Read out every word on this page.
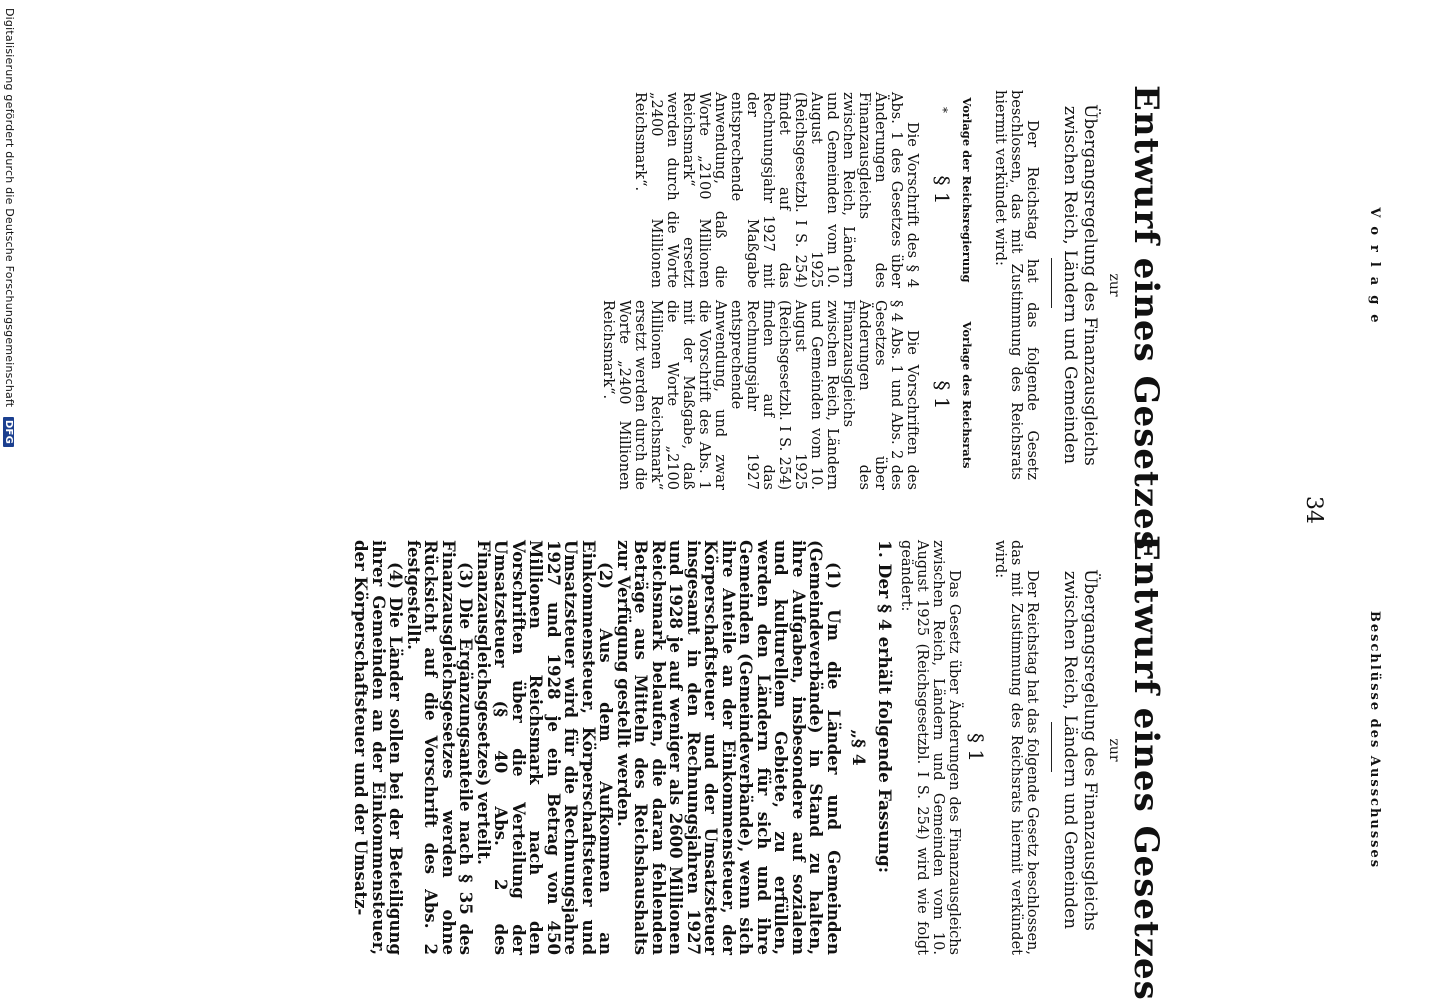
Vorlage
34
Beschlüsse des Ausschusses
Entwurf eines Gesetzes
zur
Übergangsregelung des Finanzausgleichs zwischen Reich, Ländern und Gemeinden
Der Reichstag hat das folgende Gesetz beschlossen, das mit Zustimmung des Reichsrats hiermit verkündet wird:
Vorlage der Reichsregierung
*
§ 1
Die Vorschrift des § 4 Abs. 1 des Gesetzes über Änderungen des Finanzausgleichs zwischen Reich, Ländern und Gemeinden vom 10. August 1925 (Reichsgesetzbl. I S. 254) findet auf das Rechnungsjahr 1927 mit der Maßgabe entsprechende Anwendung, daß die Worte „2100 Millionen Reichsmark“ ersetzt werden durch die Worte „2400 Millionen Reichsmark“.
Vorlage des Reichsrats
§ 1
Die Vorschriften des § 4 Abs. 1 und Abs. 2 des Gesetzes über Änderungen des Finanzausgleichs zwischen Reich, Ländern und Gemeinden vom 10. August 1925 (Reichsgesetzbl. I S. 254) finden auf das Rechnungsjahr 1927 entsprechende Anwendung, und zwar die Vorschrift des Abs. 1 mit der Maßgabe, daß die Worte „2100 Millionen Reichsmark“ ersetzt werden durch die Worte „2400 Millionen Reichsmark“.
Entwurf eines Gesetzes
zur
Übergangsregelung des Finanzausgleichs zwischen Reich, Ländern und Gemeinden
Der Reichstag hat das folgende Gesetz beschlossen, das mit Zustimmung des Reichsrats hiermit verkündet wird:
§ 1
Das Gesetz über Änderungen des Finanzausgleichs zwischen Reich, Ländern und Gemeinden vom 10. August 1925 (Reichsgesetzbl. I S. 254) wird wie folgt geändert:
1. Der § 4 erhält folgende Fassung:
„§ 4

(1) Um die Länder und Gemeinden (Gemeindeverbände) in Stand zu halten, ihre Aufgaben, insbesondere auf sozialem und kulturellem Gebiete, zu erfüllen, werden den Ländern für sich und ihre Gemeinden (Gemeindeverbände), wenn sich ihre Anteile an der Einkommensteuer, der Körperschaftsteuer und der Umsatzsteuer insgesamt in den Rechnungsjahren 1927 und 1928 je auf weniger als 2600 Millionen Reichsmark belaufen, die daran fehlenden Beträge aus Mitteln des Reichshaushalts zur Verfügung gestellt werden.

(2) Aus dem Aufkommen an Einkommensteuer, Körperschaftsteuer und Umsatzsteuer wird für die Rechnungsjahre 1927 und 1928 je ein Betrag von 450 Millionen Reichsmark nach den Vorschriften über die Verteilung der Umsatzsteuer (§ 40 Abs. 2 des Finanzausgleichsgesetzes) verteilt.

(3) Die Ergänzungsanteile nach § 35 des Finanzausgleichsgesetzes werden ohne Rücksicht auf die Vorschrift des Abs. 2 festgestellt.

(4) Die Länder sollen bei der Beteiligung ihrer Gemeinden an der Einkommensteuer, der Körperschaftsteuer und der Umsatz-

Digitalisierung gefördert durch die Deutsche Forschungsgemeinschaft DFG
